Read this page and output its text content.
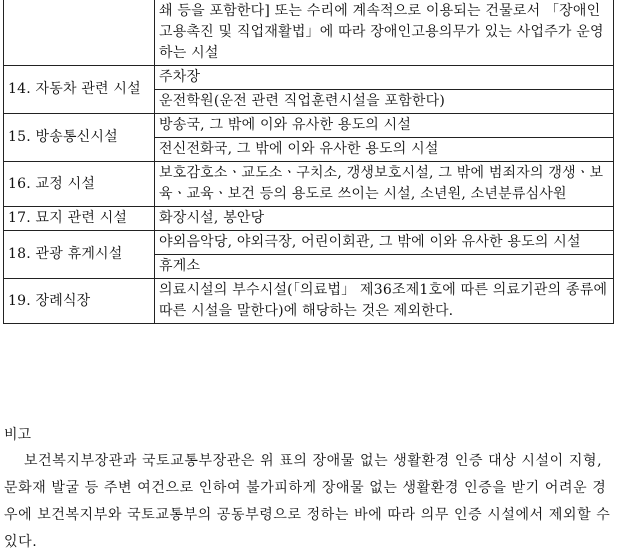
	쇄 등을 포함한다] 또는 수리에 계속적으로 이용되는 건물로서 「장애인고용촉진 및 직업재활법」에 따라 장애인고용의무가 있는 사업주가 운영하는 시설
14. 자동차 관련 시설	주차장
	운전학원(운전 관련 직업훈련시설을 포함한다)
15. 방송통신시설	방송국, 그 밖에 이와 유사한 용도의 시설
	전신전화국, 그 밖에 이와 유사한 용도의 시설
16. 교정 시설	보호감호소ㆍ교도소ㆍ구치소, 갱생보호시설, 그 밖에 범죄자의 갱생ㆍ보육ㆍ교육ㆍ보건 등의 용도로 쓰이는 시설, 소년원, 소년분류심사원
17. 묘지 관련 시설	화장시설, 봉안당
18. 관광 휴게시설	야외음악당, 야외극장, 어린이회관, 그 밖에 이와 유사한 용도의 시설
	휴게소
19. 장례식장	의료시설의 부수시설(「의료법」 제36조제1호에 따른 의료기관의 종류에 따른 시설을 말한다)에 해당하는 것은 제외한다.
비고

보건복지부장관과 국토교통부장관은 위 표의 장애물 없는 생활환경 인증 대상 시설이 지형, 문화재 발굴 등 주변 여건으로 인하여 불가피하게 장애물 없는 생활환경 인증을 받기 어려운 경우에 보건복지부와 국토교통부의 공동부령으로 정하는 바에 따라 의무 인증 시설에서 제외할 수 있다.
